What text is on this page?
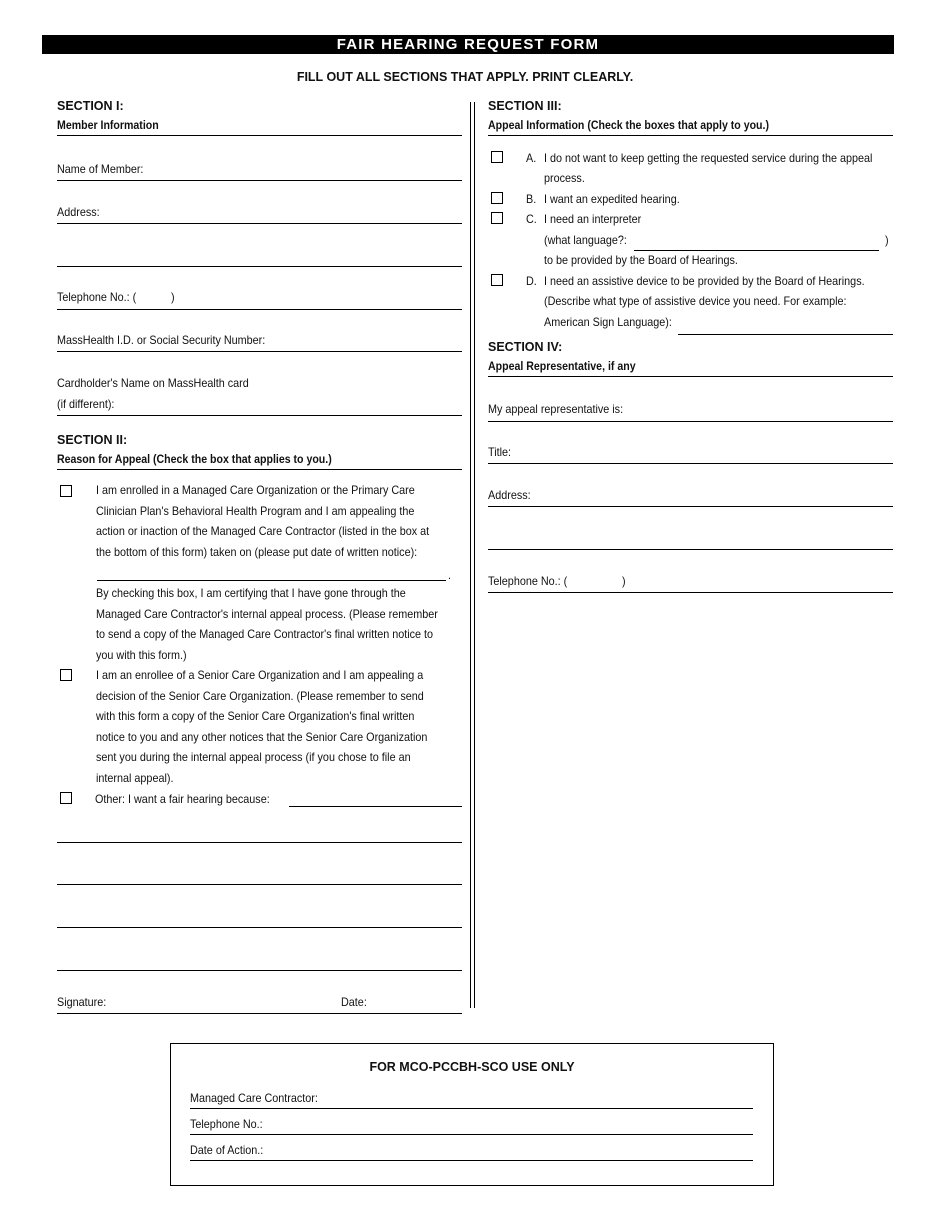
FAIR HEARING REQUEST FORM
FILL OUT ALL SECTIONS THAT APPLY. PRINT CLEARLY.
SECTION I:
Member Information
Name of Member:
Address:
Telephone No.: (	)
MassHealth I.D. or Social Security Number:
Cardholder's Name on MassHealth card
(if different):
SECTION II:
Reason for Appeal (Check the box that applies to you.)
I am enrolled in a Managed Care Organization or the Primary Care
Clinician Plan's Behavioral Health Program and I am appealing the
action or inaction of the Managed Care Contractor (listed in the box at
the bottom of this form) taken on (please put date of written notice):
.
By checking this box, I am certifying that I have gone through the
Managed Care Contractor's internal appeal process. (Please remember
to send a copy of the Managed Care Contractor's final written notice to
you with this form.)
I am an enrollee of a Senior Care Organization and I am appealing a
decision of the Senior Care Organization. (Please remember to send
with this form a copy of the Senior Care Organization's final written
notice to you and any other notices that the Senior Care Organization
sent you during the internal appeal process (if you chose to file an
internal appeal).
Other: I want a fair hearing because:
Signature:	Date:
SECTION III:
Appeal Information (Check the boxes that apply to you.)
A. I do not want to keep getting the requested service during the appeal
process.
B. I want an expedited hearing.
C. I need an interpreter
(what language?:	)
to be provided by the Board of Hearings.
D. I need an assistive device to be provided by the Board of Hearings.
(Describe what type of assistive device you need. For example:
American Sign Language):
SECTION IV:
Appeal Representative, if any
My appeal representative is:
Title:
Address:
Telephone No.: (	)
FOR MCO-PCCBH-SCO USE ONLY
Managed Care Contractor:
Telephone No.:
Date of Action.:
